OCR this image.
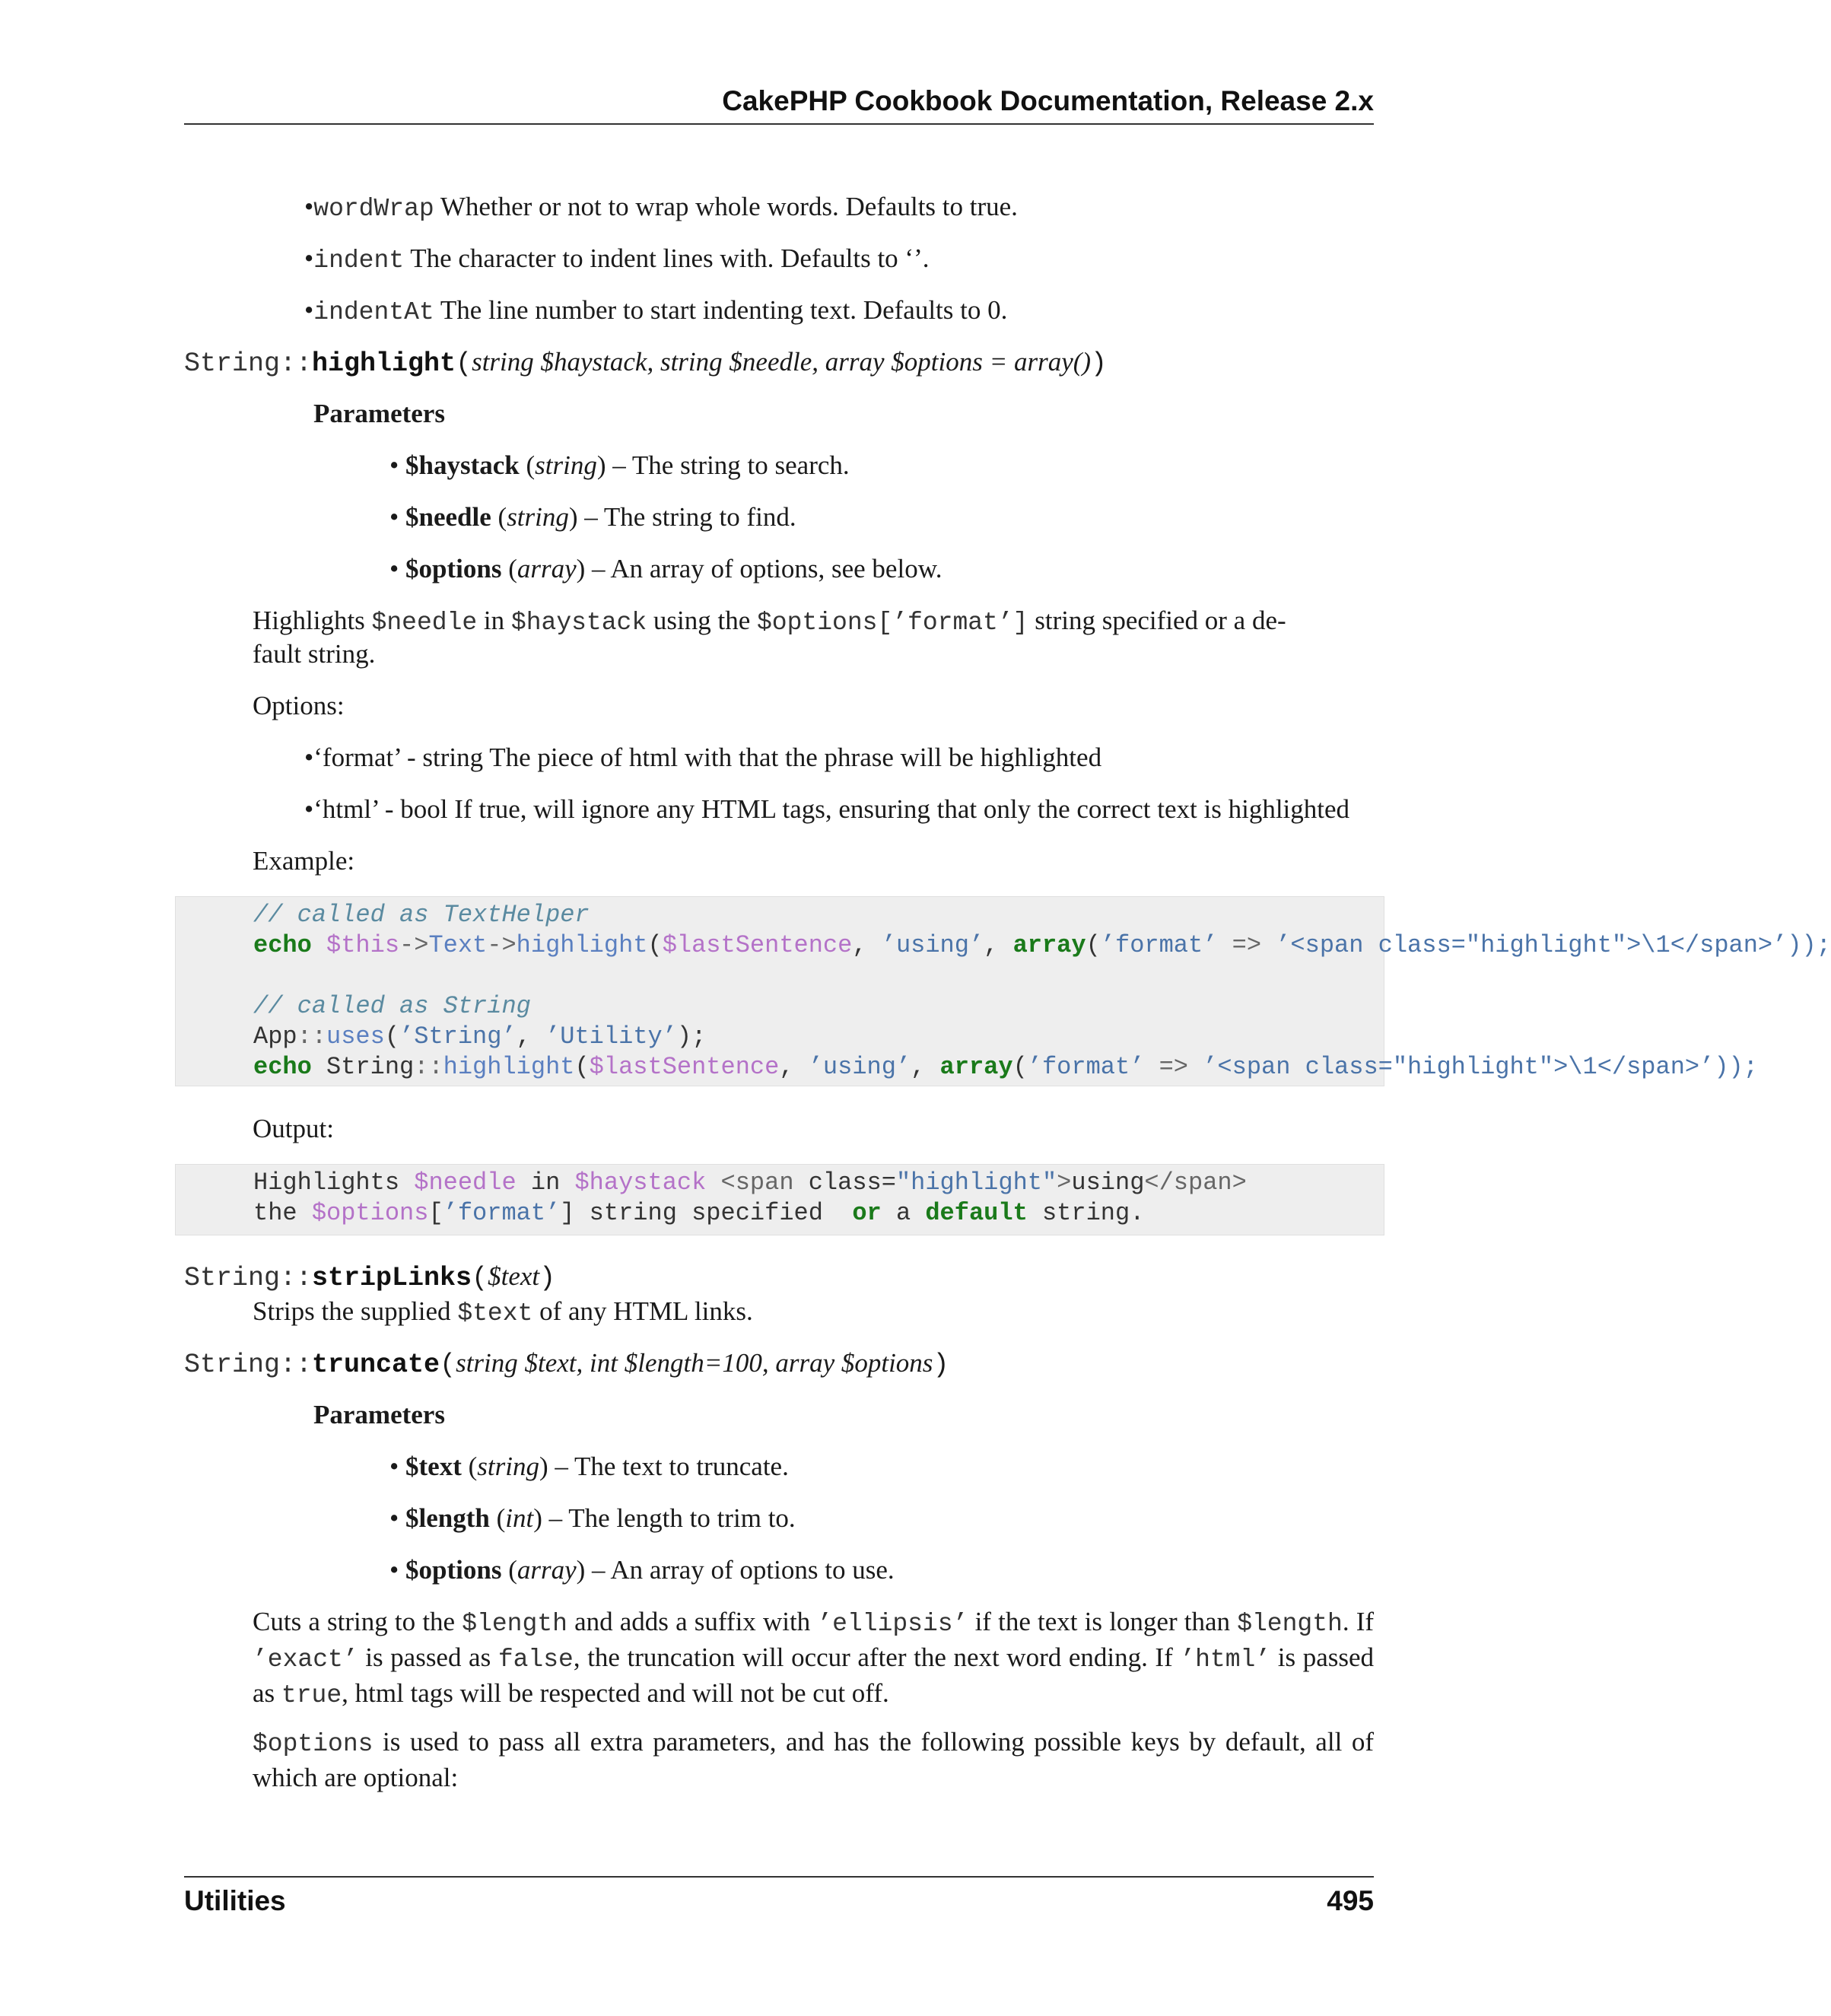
CakePHP Cookbook Documentation, Release 2.x
•wordWrap Whether or not to wrap whole words. Defaults to true.
•indent The character to indent lines with. Defaults to ‘’.
•indentAt The line number to start indenting text. Defaults to 0.
String::highlight(string $haystack, string $needle, array $options = array())
Parameters
• $haystack (string) – The string to search.
• $needle (string) – The string to find.
• $options (array) – An array of options, see below.
Highlights $needle in $haystack using the $options[’format’] string specified or a de-
fault string.
Options:
•‘format’ - string The piece of html with that the phrase will be highlighted
•‘html’ - bool If true, will ignore any HTML tags, ensuring that only the correct text is highlighted
Example:
// called as TextHelper
echo $this->Text->highlight($lastSentence, ’using’, array(’format’ => ’<span class="highlight">\1</span>’));

// called as String
App::uses(’String’, ’Utility’);
echo String::highlight($lastSentence, ’using’, array(’format’ => ’<span class="highlight">\1</span>’));
Output:
Highlights $needle in $haystack <span class="highlight">using</span>
the $options[’format’] string specified or a default string.
String::stripLinks($text)
Strips the supplied $text of any HTML links.
String::truncate(string $text, int $length=100, array $options)
Parameters
• $text (string) – The text to truncate.
• $length (int) – The length to trim to.
• $options (array) – An array of options to use.
Cuts a string to the $length and adds a suffix with ’ellipsis’ if the text is longer than $length. If ’exact’ is passed as false, the truncation will occur after the next word ending. If ’html’ is passed as true, html tags will be respected and will not be cut off.
$options is used to pass all extra parameters, and has the following possible keys by default, all of which are optional:
Utilities	495
